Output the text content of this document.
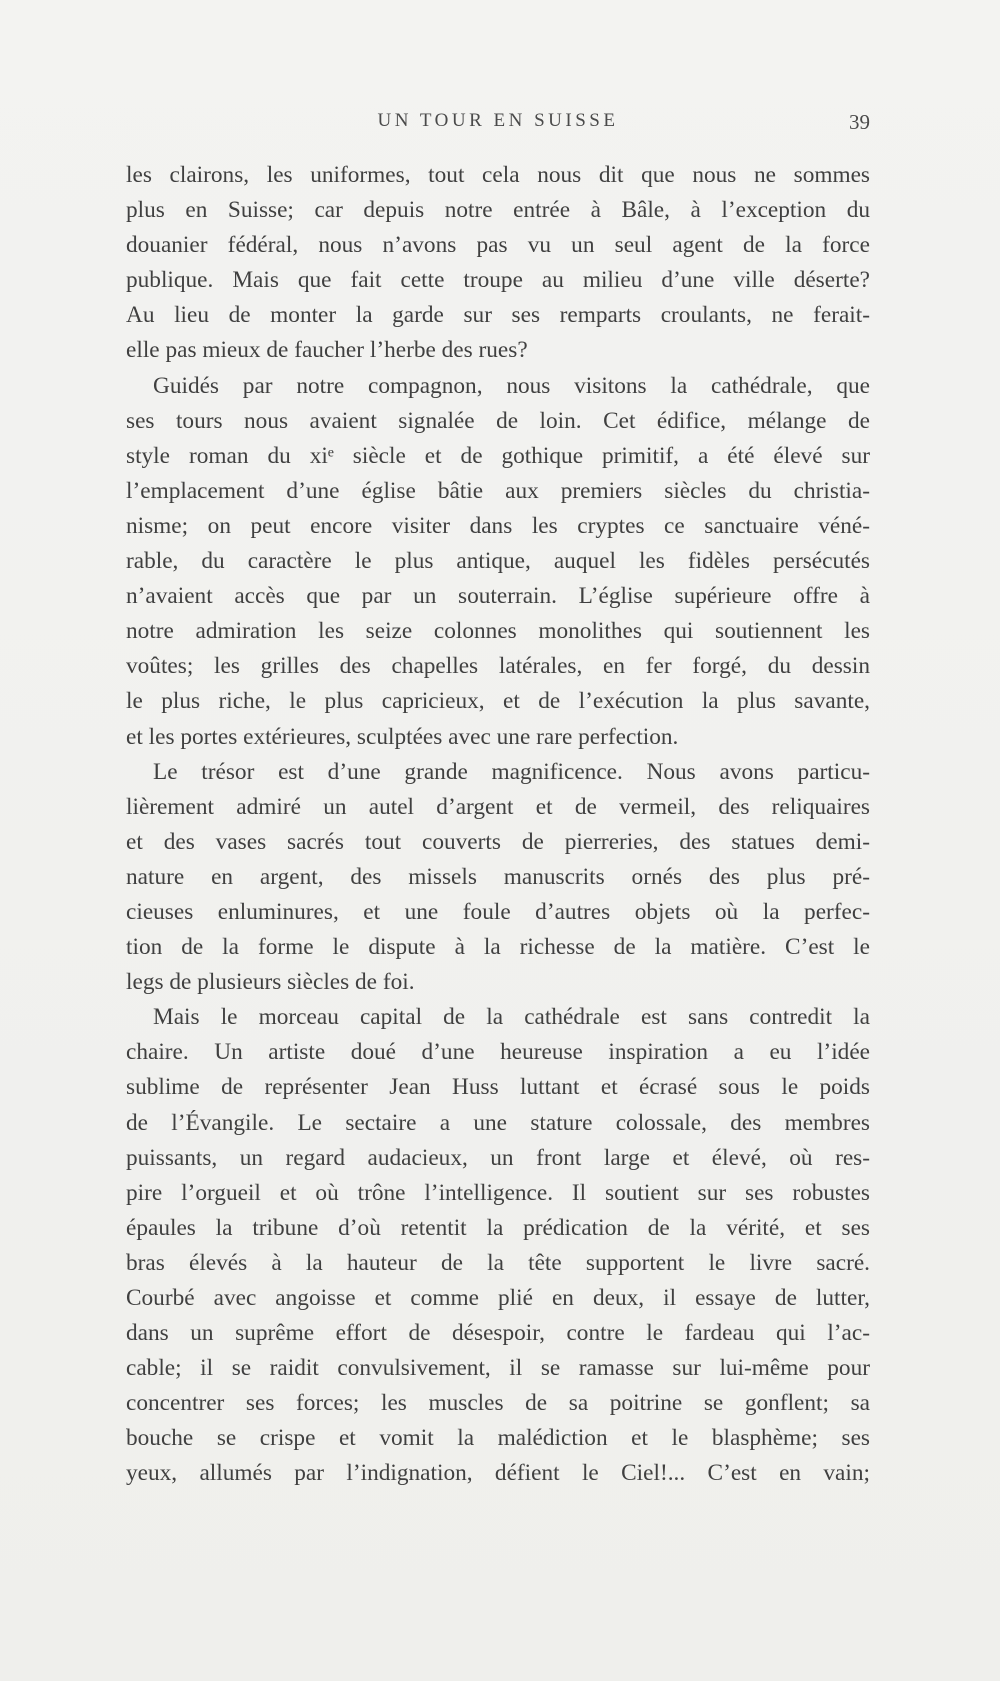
UN TOUR EN SUISSE	39
les clairons, les uniformes, tout cela nous dit que nous ne sommes
plus en Suisse; car depuis notre entrée à Bâle, à l’exception du
douanier fédéral, nous n’avons pas vu un seul agent de la force
publique. Mais que fait cette troupe au milieu d’une ville déserte?
Au lieu de monter la garde sur ses remparts croulants, ne ferait-
elle pas mieux de faucher l’herbe des rues?
Guidés par notre compagnon, nous visitons la cathédrale, que
ses tours nous avaient signalée de loin. Cet édifice, mélange de
style roman du xiᵉ siècle et de gothique primitif, a été élevé sur
l’emplacement d’une église bâtie aux premiers siècles du christia-
nisme; on peut encore visiter dans les cryptes ce sanctuaire véné-
rable, du caractère le plus antique, auquel les fidèles persécutés
n’avaient accès que par un souterrain. L’église supérieure offre à
notre admiration les seize colonnes monolithes qui soutiennent les
voûtes; les grilles des chapelles latérales, en fer forgé, du dessin
le plus riche, le plus capricieux, et de l’exécution la plus savante,
et les portes extérieures, sculptées avec une rare perfection.
Le trésor est d’une grande magnificence. Nous avons particu-
lièrement admiré un autel d’argent et de vermeil, des reliquaires
et des vases sacrés tout couverts de pierreries, des statues demi-
nature en argent, des missels manuscrits ornés des plus pré-
cieuses enluminures, et une foule d’autres objets où la perfec-
tion de la forme le dispute à la richesse de la matière. C’est le
legs de plusieurs siècles de foi.
Mais le morceau capital de la cathédrale est sans contredit la
chaire. Un artiste doué d’une heureuse inspiration a eu l’idée
sublime de représenter Jean Huss luttant et écrasé sous le poids
de l’Évangile. Le sectaire a une stature colossale, des membres
puissants, un regard audacieux, un front large et élevé, où res-
pire l’orgueil et où trône l’intelligence. Il soutient sur ses robustes
épaules la tribune d’où retentit la prédication de la vérité, et ses
bras élevés à la hauteur de la tête supportent le livre sacré.
Courbé avec angoisse et comme plié en deux, il essaye de lutter,
dans un suprême effort de désespoir, contre le fardeau qui l’ac-
cable; il se raidit convulsivement, il se ramasse sur lui-même pour
concentrer ses forces; les muscles de sa poitrine se gonflent; sa
bouche se crispe et vomit la malédiction et le blasphème; ses
yeux, allumés par l’indignation, défient le Ciel!... C’est en vain;
